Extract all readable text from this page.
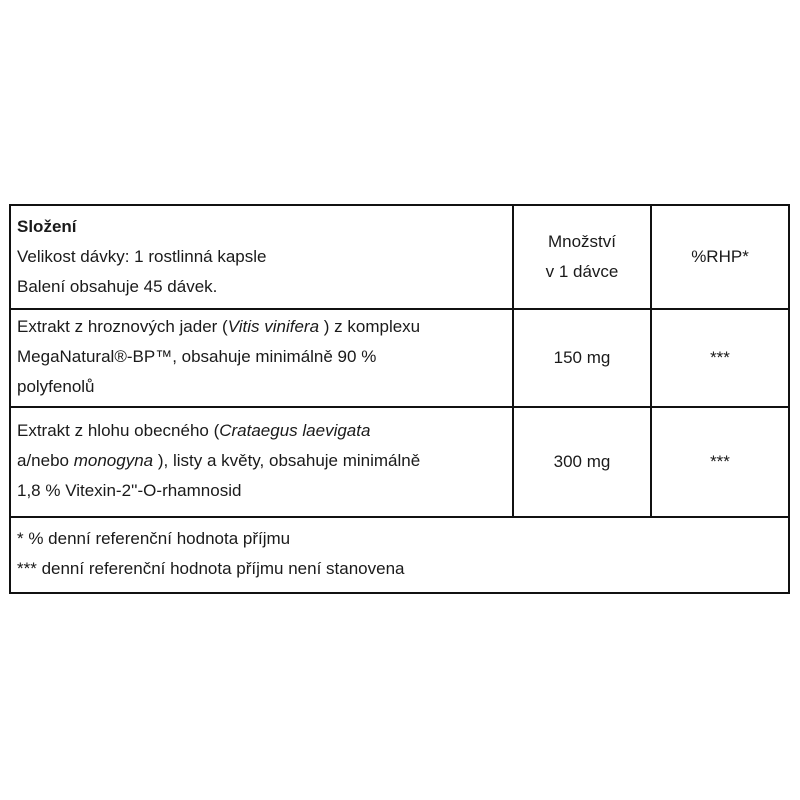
Složení
Velikost dávky: 1 rostlinná kapsle
Balení obsahuje 45 dávek.
Množství
v 1 dávce
%RHP*
Extrakt z hroznových jader (Vitis vinifera ) z komplexu
MegaNatural®-BP™, obsahuje minimálně 90 %
polyfenolů
150 mg	***
Extrakt z hlohu obecného (Crataegus laevigata
a/nebo monogyna ), listy a květy, obsahuje minimálně
1,8 % Vitexin-2''-O-rhamnosid
300 mg	***
* % denní referenční hodnota příjmu
*** denní referenční hodnota příjmu není stanovena
